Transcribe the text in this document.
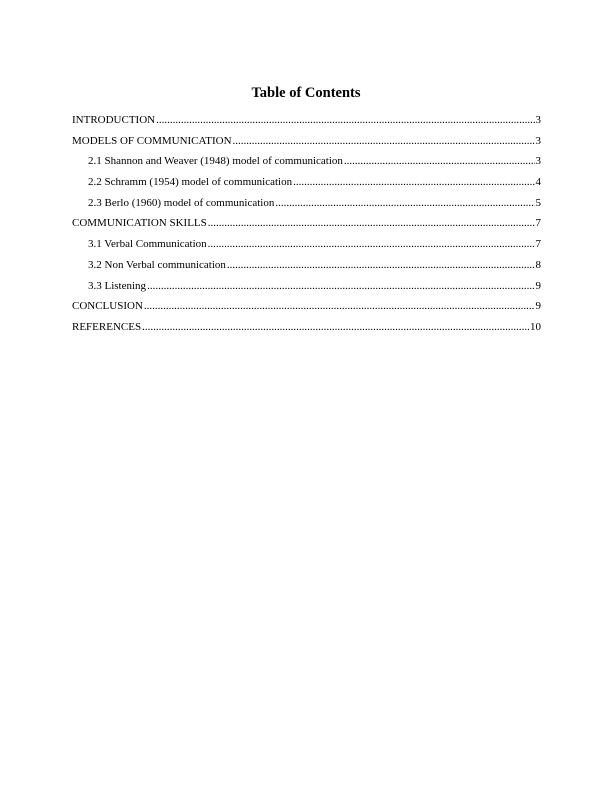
Table of Contents
INTRODUCTION .....	3
MODELS OF COMMUNICATION .....	3
2.1 Shannon and Weaver (1948) model of communication .....	3
2.2 Schramm (1954) model of communication .....	4
2.3 Berlo (1960) model of communication .....	5
COMMUNICATION SKILLS .....	7
3.1 Verbal Communication .....	7
3.2 Non Verbal communication .....	8
3.3 Listening .....	9
CONCLUSION .....	9
REFERENCES .....	10
